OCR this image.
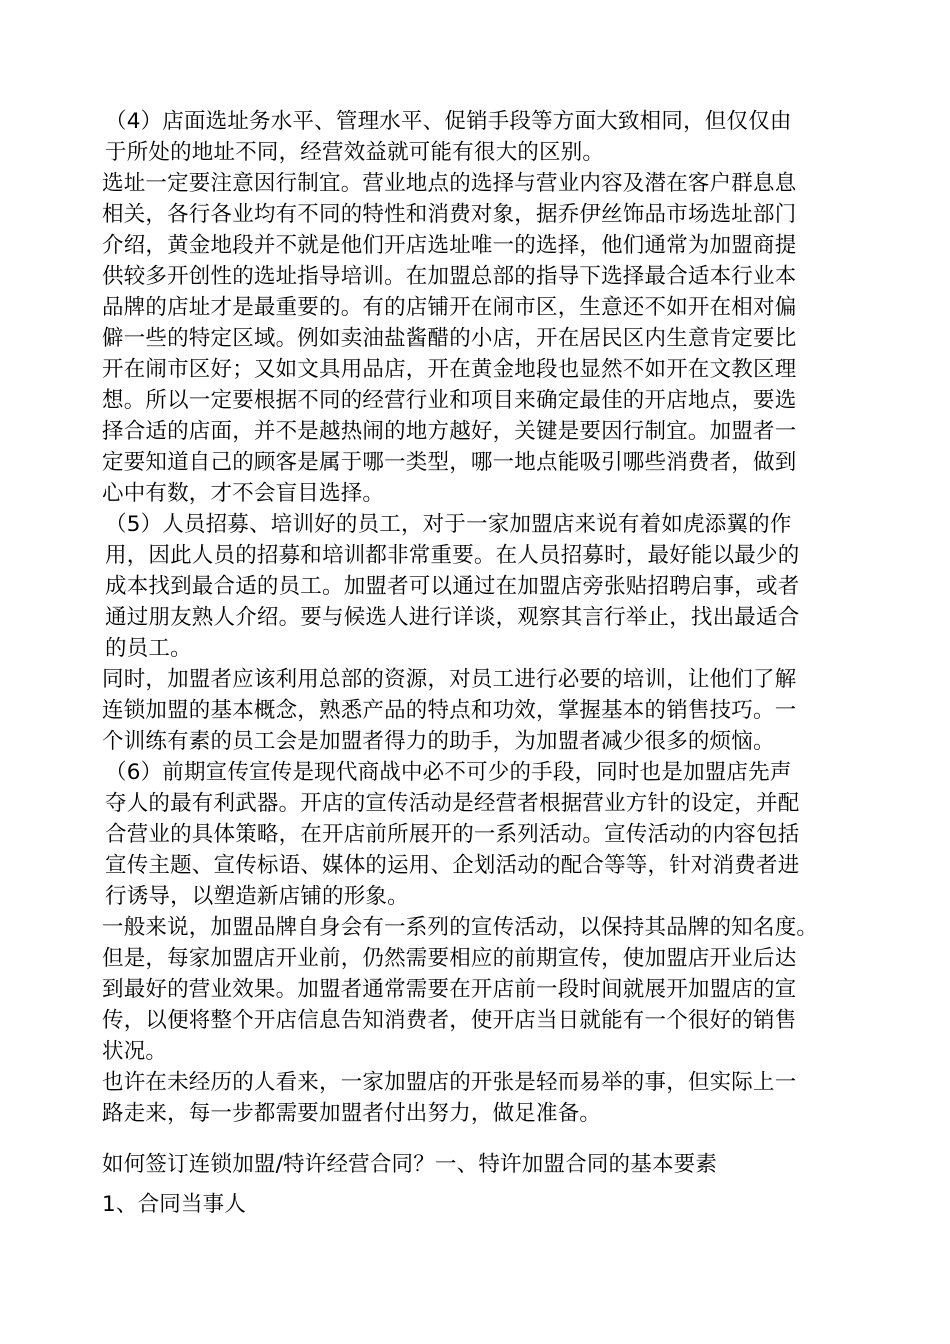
（4）店面选址务水平、管理水平、促销手段等方面大致相同，但仅仅由
于所处的地址不同，经营效益就可能有很大的区别。

选址一定要注意因行制宜。营业地点的选择与营业内容及潜在客户群息息
相关，各行各业均有不同的特性和消费对象，据乔伊丝饰品市场选址部门
介绍，黄金地段并不就是他们开店选址唯一的选择，他们通常为加盟商提
供较多开创性的选址指导培训。在加盟总部的指导下选择最合适本行业本
品牌的店址才是最重要的。有的店铺开在闹市区，生意还不如开在相对偏
僻一些的特定区域。例如卖油盐酱醋的小店，开在居民区内生意肯定要比
开在闹市区好；又如文具用品店，开在黄金地段也显然不如开在文教区理
想。所以一定要根据不同的经营行业和项目来确定最佳的开店地点，要选
择合适的店面，并不是越热闹的地方越好，关键是要因行制宜。加盟者一
定要知道自己的顾客是属于哪一类型，哪一地点能吸引哪些消费者，做到
心中有数，才不会盲目选择。

（5）人员招募、培训好的员工，对于一家加盟店来说有着如虎添翼的作
用，因此人员的招募和培训都非常重要。在人员招募时，最好能以最少的
成本找到最合适的员工。加盟者可以通过在加盟店旁张贴招聘启事，或者
通过朋友熟人介绍。要与候选人进行详谈，观察其言行举止，找出最适合
的员工。

同时，加盟者应该利用总部的资源，对员工进行必要的培训，让他们了解
连锁加盟的基本概念，熟悉产品的特点和功效，掌握基本的销售技巧。一
个训练有素的员工会是加盟者得力的助手，为加盟者减少很多的烦恼。

（6）前期宣传宣传是现代商战中必不可少的手段，同时也是加盟店先声
夺人的最有利武器。开店的宣传活动是经营者根据营业方针的设定，并配
合营业的具体策略，在开店前所展开的一系列活动。宣传活动的内容包括
宣传主题、宣传标语、媒体的运用、企划活动的配合等等，针对消费者进
行诱导，以塑造新店铺的形象。

一般来说，加盟品牌自身会有一系列的宣传活动，以保持其品牌的知名度。
但是，每家加盟店开业前，仍然需要相应的前期宣传，使加盟店开业后达
到最好的营业效果。加盟者通常需要在开店前一段时间就展开加盟店的宣
传，以便将整个开店信息告知消费者，使开店当日就能有一个很好的销售
状况。

也许在未经历的人看来，一家加盟店的开张是轻而易举的事，但实际上一
路走来，每一步都需要加盟者付出努力，做足准备。

如何签订连锁加盟/特许经营合同？一、特许加盟合同的基本要素

1、合同当事人
